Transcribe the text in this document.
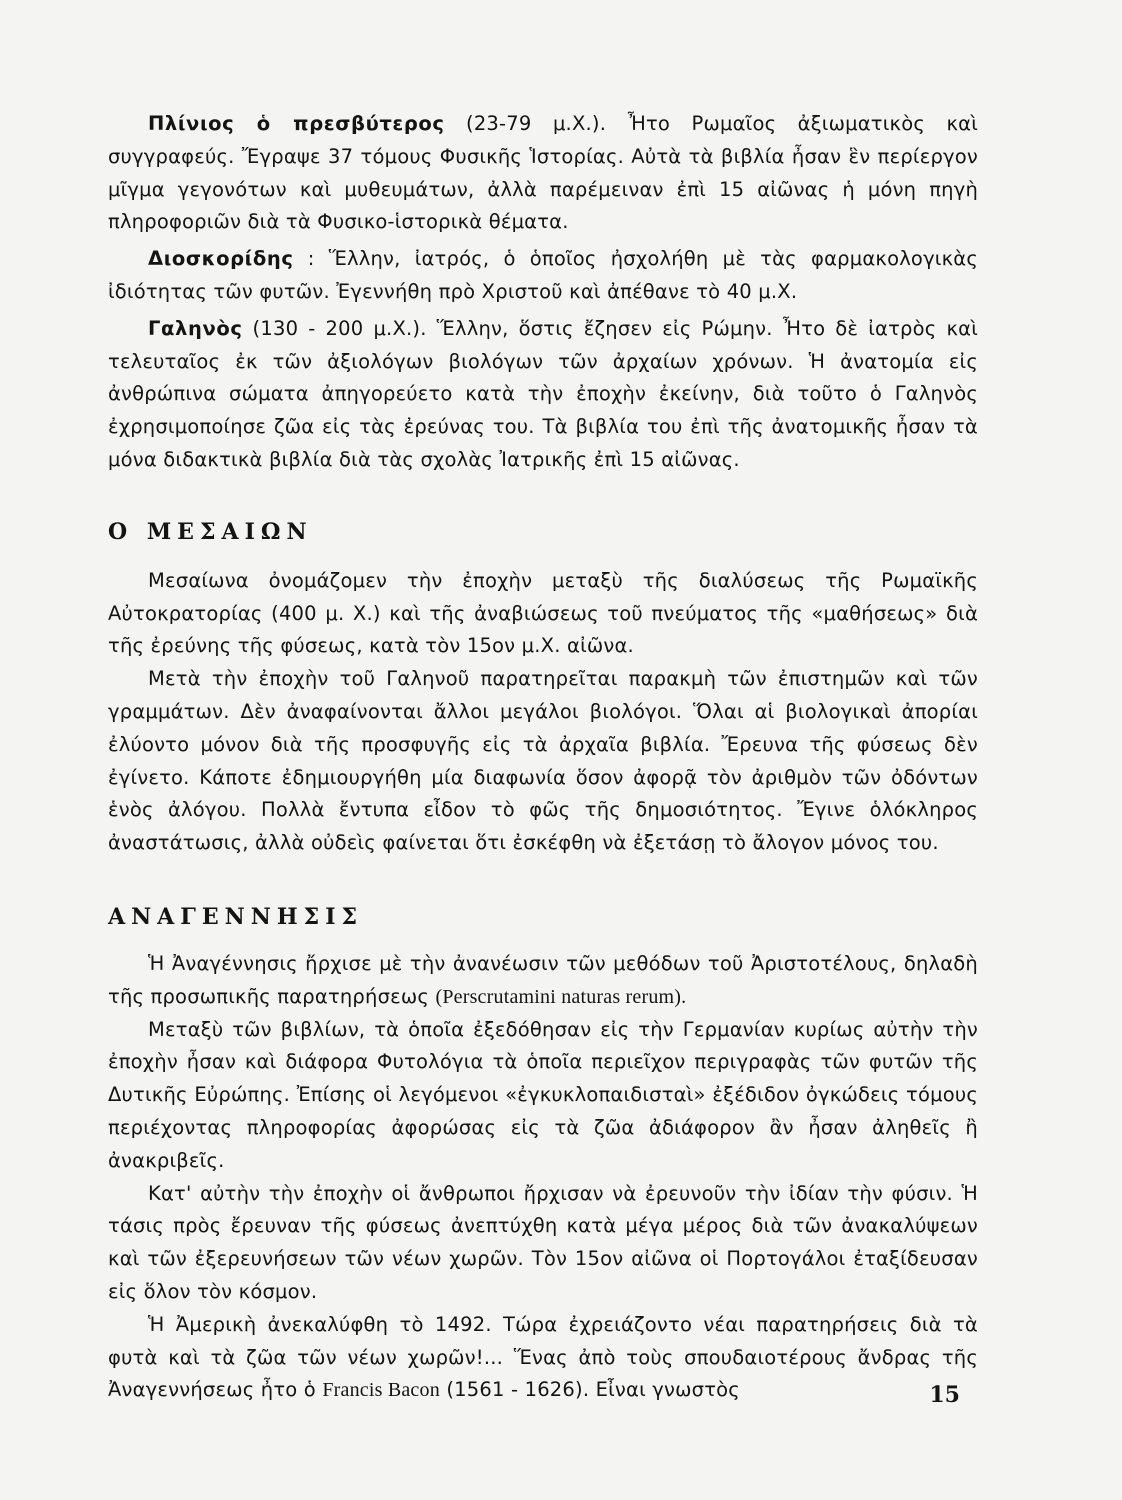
Πλίνιος ὁ πρεσβύτερος (23-79 μ.Χ.). Ἦτο Ρωμαῖος ἀξιωματικὸς καὶ συγγραφεύς. Ἔγραψε 37 τόμους Φυσικῆς Ἱστορίας. Αὐτὰ τὰ βιβλία ἦσαν ἓν περίεργον μῖγμα γεγονότων καὶ μυθευμάτων, ἀλλὰ παρέμειναν ἐπὶ 15 αἰῶνας ἡ μόνη πηγὴ πληροφοριῶν διὰ τὰ Φυσικο-ἱστορικὰ θέματα.

Διοσκορίδης : Ἕλλην, ἰατρός, ὁ ὁποῖος ἠσχολήθη μὲ τὰς φαρμακολογικὰς ἰδιότητας τῶν φυτῶν. Ἐγεννήθη πρὸ Χριστοῦ καὶ ἀπέθανε τὸ 40 μ.Χ.

Γαληνὸς (130 - 200 μ.Χ.). Ἕλλην, ὅστις ἔζησεν εἰς Ρώμην. Ἦτο δὲ ἰατρὸς καὶ τελευταῖος ἐκ τῶν ἀξιολόγων βιολόγων τῶν ἀρχαίων χρόνων. Ἡ ἀνατομία εἰς ἀνθρώπινα σώματα ἀπηγορεύετο κατὰ τὴν ἐποχὴν ἐκείνην, διὰ τοῦτο ὁ Γαληνὸς ἐχρησιμοποίησε ζῶα εἰς τὰς ἐρεύνας του. Τὰ βιβλία του ἐπὶ τῆς ἀνατομικῆς ἦσαν τὰ μόνα διδακτικὰ βιβλία διὰ τὰς σχολὰς Ἰατρικῆς ἐπὶ 15 αἰῶνας.

Ο ΜΕΣΑΙΩΝ

Μεσαίωνα ὀνομάζομεν τὴν ἐποχὴν μεταξὺ τῆς διαλύσεως τῆς Ρωμαϊκῆς Αὐτοκρατορίας (400 μ. Χ.) καὶ τῆς ἀναβιώσεως τοῦ πνεύματος τῆς «μαθήσεως» διὰ τῆς ἐρεύνης τῆς φύσεως, κατὰ τὸν 15ον μ.Χ. αἰῶνα.

Μετὰ τὴν ἐποχὴν τοῦ Γαληνοῦ παρατηρεῖται παρακμὴ τῶν ἐπιστημῶν καὶ τῶν γραμμάτων. Δὲν ἀναφαίνονται ἄλλοι μεγάλοι βιολόγοι. Ὅλαι αἱ βιολογικαὶ ἀπορίαι ἐλύοντο μόνον διὰ τῆς προσφυγῆς εἰς τὰ ἀρχαῖα βιβλία. Ἔρευνα τῆς φύσεως δὲν ἐγίνετο. Κάποτε ἐδημιουργήθη μία διαφωνία ὅσον ἀφορᾷ τὸν ἀριθμὸν τῶν ὀδόντων ἑνὸς ἀλόγου. Πολλὰ ἔντυπα εἶδον τὸ φῶς τῆς δημοσιότητος. Ἔγινε ὁλόκληρος ἀναστάτωσις, ἀλλὰ οὐδεὶς φαίνεται ὅτι ἐσκέφθη νὰ ἐξετάσῃ τὸ ἄλογον μόνος του.

ΑΝΑΓΕΝΝΗΣΙΣ

Ἡ Ἀναγέννησις ἤρχισε μὲ τὴν ἀνανέωσιν τῶν μεθόδων τοῦ Ἀριστοτέλους, δηλαδὴ τῆς προσωπικῆς παρατηρήσεως (Perscrutamini naturas rerum).

Μεταξὺ τῶν βιβλίων, τὰ ὁποῖα ἐξεδόθησαν εἰς τὴν Γερμανίαν κυρίως αὐτὴν τὴν ἐποχὴν ἦσαν καὶ διάφορα Φυτολόγια τὰ ὁποῖα περιεῖχον περιγραφὰς τῶν φυτῶν τῆς Δυτικῆς Εὐρώπης. Ἐπίσης οἱ λεγόμενοι «ἐγκυκλοπαιδισταὶ» ἐξέδιδον ὀγκώδεις τόμους περιέχοντας πληροφορίας ἀφορώσας εἰς τὰ ζῶα ἀδιάφορον ἂν ἦσαν ἀληθεῖς ἢ ἀνακριβεῖς.

Κατ' αὐτὴν τὴν ἐποχὴν οἱ ἄνθρωποι ἤρχισαν νὰ ἐρευνοῦν τὴν ἰδίαν τὴν φύσιν. Ἡ τάσις πρὸς ἔρευναν τῆς φύσεως ἀνεπτύχθη κατὰ μέγα μέρος διὰ τῶν ἀνακαλύψεων καὶ τῶν ἐξερευνήσεων τῶν νέων χωρῶν. Τὸν 15ον αἰῶνα οἱ Πορτογάλοι ἐταξίδευσαν εἰς ὅλον τὸν κόσμον.

Ἡ Ἀμερικὴ ἀνεκαλύφθη τὸ 1492. Τώρα ἐχρειάζοντο νέαι παρατηρήσεις διὰ τὰ φυτὰ καὶ τὰ ζῶα τῶν νέων χωρῶν!... Ἕνας ἀπὸ τοὺς σπουδαιοτέρους ἄνδρας τῆς Ἀναγεννήσεως ἦτο ὁ Francis Bacon (1561 - 1626). Εἶναι γνωστὸς	15
